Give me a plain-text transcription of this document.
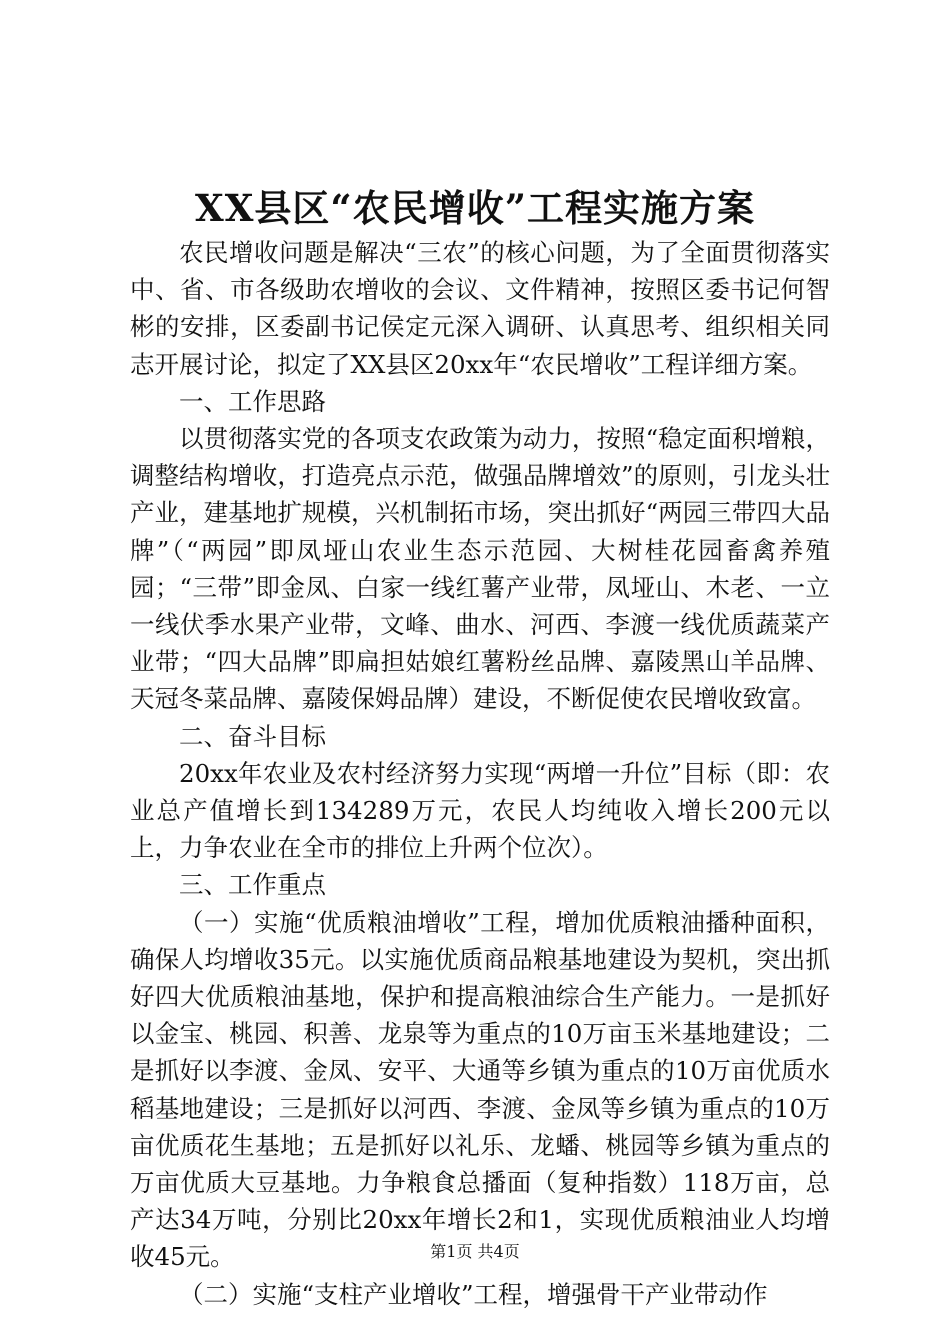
XX县区“农民增收”工程实施方案

农民增收问题是解决“三农”的核心问题，为了全面贯彻落实中、省、市各级助农增收的会议、文件精神，按照区委书记何智彬的安排，区委副书记侯定元深入调研、认真思考、组织相关同志开展讨论，拟定了XX县区20xx年“农民增收”工程详细方案。

一、工作思路

以贯彻落实党的各项支农政策为动力，按照“稳定面积增粮，调整结构增收，打造亮点示范，做强品牌增效”的原则，引龙头壮产业，建基地扩规模，兴机制拓市场，突出抓好“两园三带四大品牌”（“两园”即凤垭山农业生态示范园、大树桂花园畜禽养殖园；“三带”即金凤、白家一线红薯产业带，凤垭山、木老、一立一线伏季水果产业带，文峰、曲水、河西、李渡一线优质蔬菜产业带；“四大品牌”即扁担姑娘红薯粉丝品牌、嘉陵黑山羊品牌、天冠冬菜品牌、嘉陵保姆品牌）建设，不断促使农民增收致富。

二、奋斗目标

20xx年农业及农村经济努力实现“两增一升位”目标（即：农业总产值增长到134289万元，农民人均纯收入增长200元以上，力争农业在全市的排位上升两个位次）。

三、工作重点

（一）实施“优质粮油增收”工程，增加优质粮油播种面积，确保人均增收35元。以实施优质商品粮基地建设为契机，突出抓好四大优质粮油基地，保护和提高粮油综合生产能力。一是抓好以金宝、桃园、积善、龙泉等为重点的10万亩玉米基地建设；二是抓好以李渡、金凤、安平、大通等乡镇为重点的10万亩优质水稻基地建设；三是抓好以河西、李渡、金凤等乡镇为重点的10万亩优质花生基地；五是抓好以礼乐、龙蟠、桃园等乡镇为重点的万亩优质大豆基地。力争粮食总播面（复种指数）118万亩，总产达34万吨，分别比20xx年增长2和1，实现优质粮油业人均增收45元。

（二）实施“支柱产业增收”工程，增强骨干产业带动作

第1页 共4页
